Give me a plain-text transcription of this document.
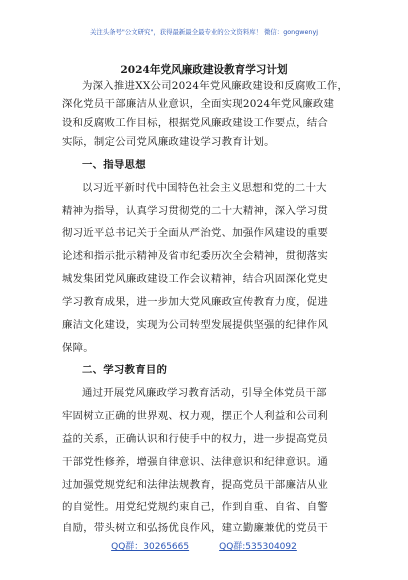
关注头条号"公文研究"，获得最新最全最专业的公文资料库！ 微信：gongwenyj
2024年党风廉政建设教育学习计划
为深入推进XX公司2024年党风廉政建设和反腐败工作，
深化党员干部廉洁从业意识，全面实现2024年党风廉政建
设和反腐败工作目标，根据党风廉政建设工作要点，结合
实际，制定公司党风廉政建设学习教育计划。
一、指导思想
以习近平新时代中国特色社会主义思想和党的二十大
精神为指导，认真学习贯彻党的二十大精神，深入学习贯
彻习近平总书记关于全面从严治党、加强作风建设的重要
论述和指示批示精神及省市纪委历次全会精神，贯彻落实
城发集团党风廉政建设工作会议精神，结合巩固深化党史
学习教育成果，进一步加大党风廉政宣传教育力度，促进
廉洁文化建设，实现为公司转型发展提供坚强的纪律作风
保障。
二、学习教育目的
通过开展党风廉政学习教育活动，引导全体党员干部
牢固树立正确的世界观、权力观，摆正个人利益和公司利
益的关系，正确认识和行使手中的权力，进一步提高党员
干部党性修养，增强自律意识、法律意识和纪律意识。通
过加强党规党纪和法律法规教育，提高党员干部廉洁从业
的自觉性。用党纪党规约束自己，作到自重、自省、自警
自励，带头树立和弘扬优良作风，建立勤廉兼优的党员干
QQ群：30265665	QQ群:535304092
